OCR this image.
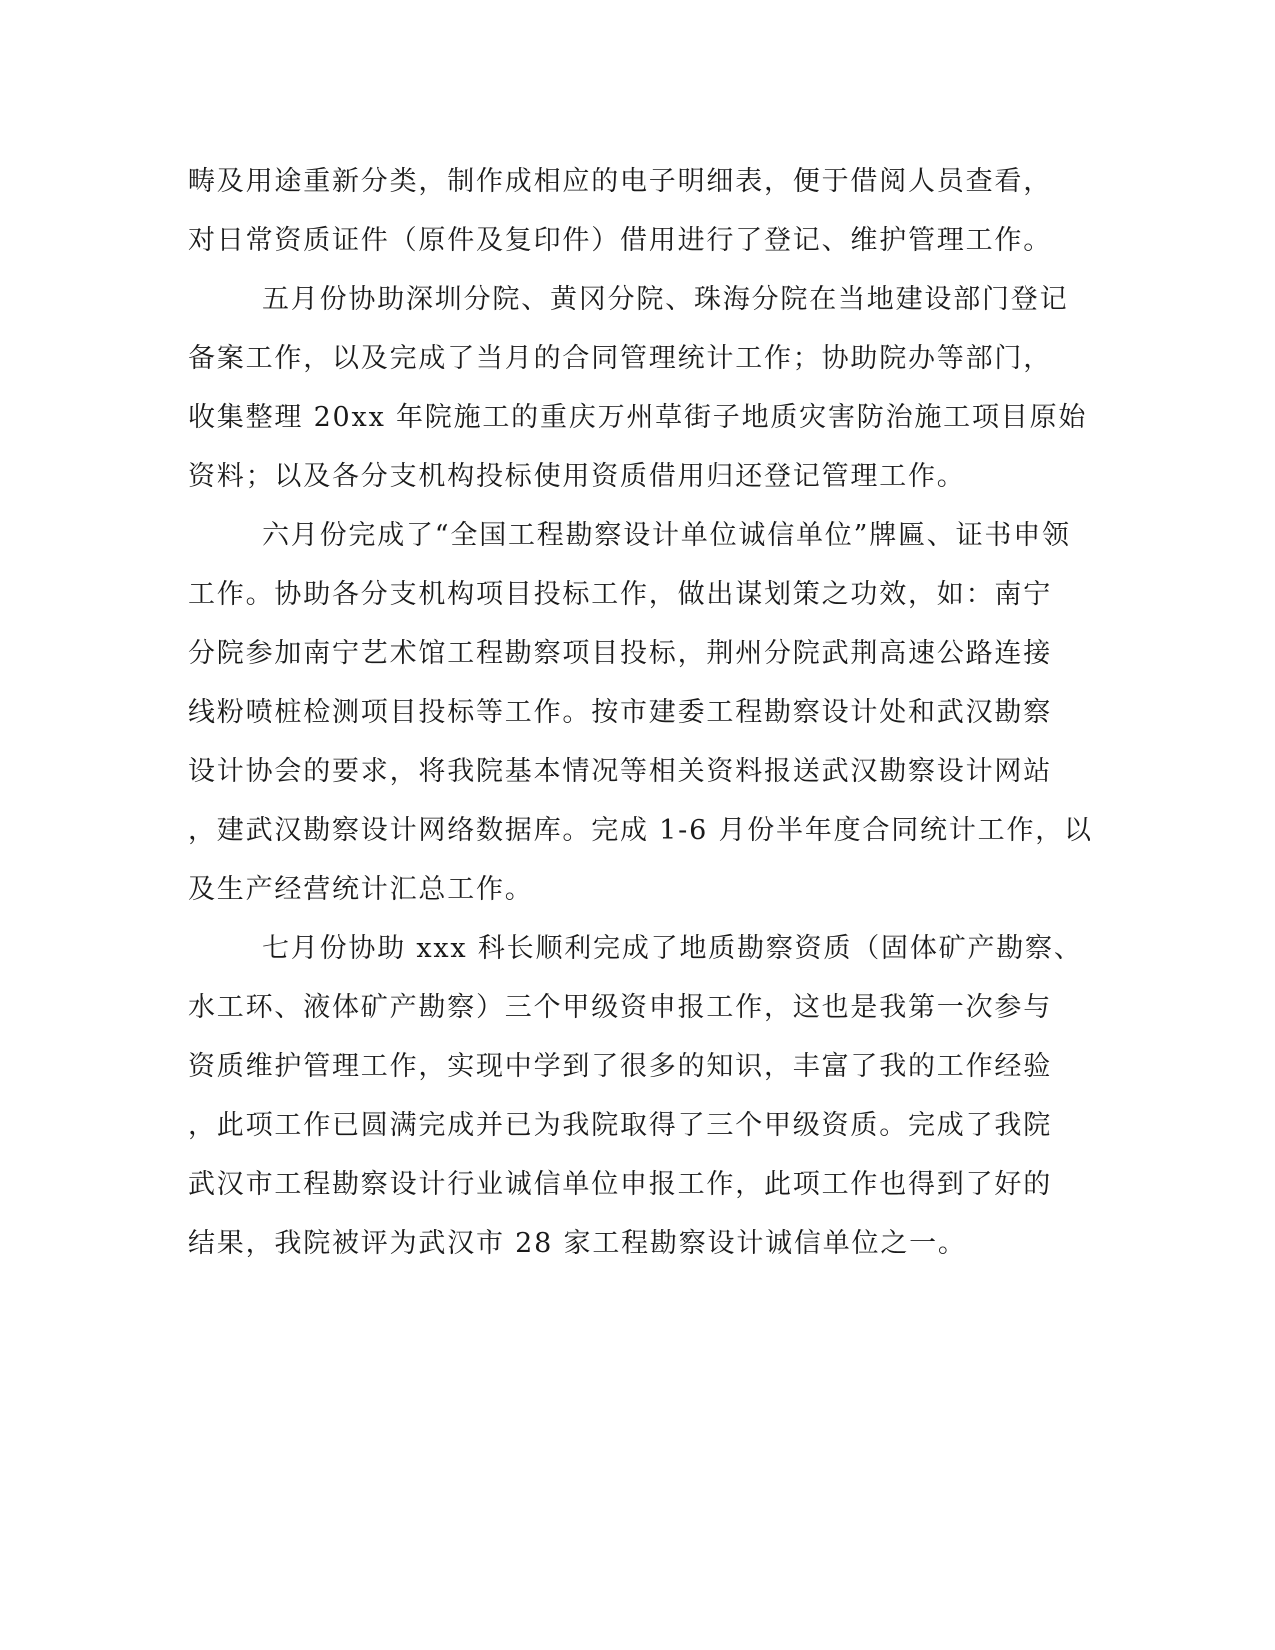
畴及用途重新分类，制作成相应的电子明细表，便于借阅人员查看，
对日常资质证件（原件及复印件）借用进行了登记、维护管理工作。
五月份协助深圳分院、黄冈分院、珠海分院在当地建设部门登记
备案工作，以及完成了当月的合同管理统计工作；协助院办等部门，
收集整理 20xx 年院施工的重庆万州草街子地质灾害防治施工项目原始
资料；以及各分支机构投标使用资质借用归还登记管理工作。
六月份完成了“全国工程勘察设计单位诚信单位”牌匾、证书申领
工作。协助各分支机构项目投标工作，做出谋划策之功效，如：南宁
分院参加南宁艺术馆工程勘察项目投标，荆州分院武荆高速公路连接
线粉喷桩检测项目投标等工作。按市建委工程勘察设计处和武汉勘察
设计协会的要求，将我院基本情况等相关资料报送武汉勘察设计网站
，建武汉勘察设计网络数据库。完成 1-6 月份半年度合同统计工作，以
及生产经营统计汇总工作。
七月份协助 xxx 科长顺利完成了地质勘察资质（固体矿产勘察、
水工环、液体矿产勘察）三个甲级资申报工作，这也是我第一次参与
资质维护管理工作，实现中学到了很多的知识，丰富了我的工作经验
，此项工作已圆满完成并已为我院取得了三个甲级资质。完成了我院
武汉市工程勘察设计行业诚信单位申报工作，此项工作也得到了好的
结果，我院被评为武汉市 28 家工程勘察设计诚信单位之一。
